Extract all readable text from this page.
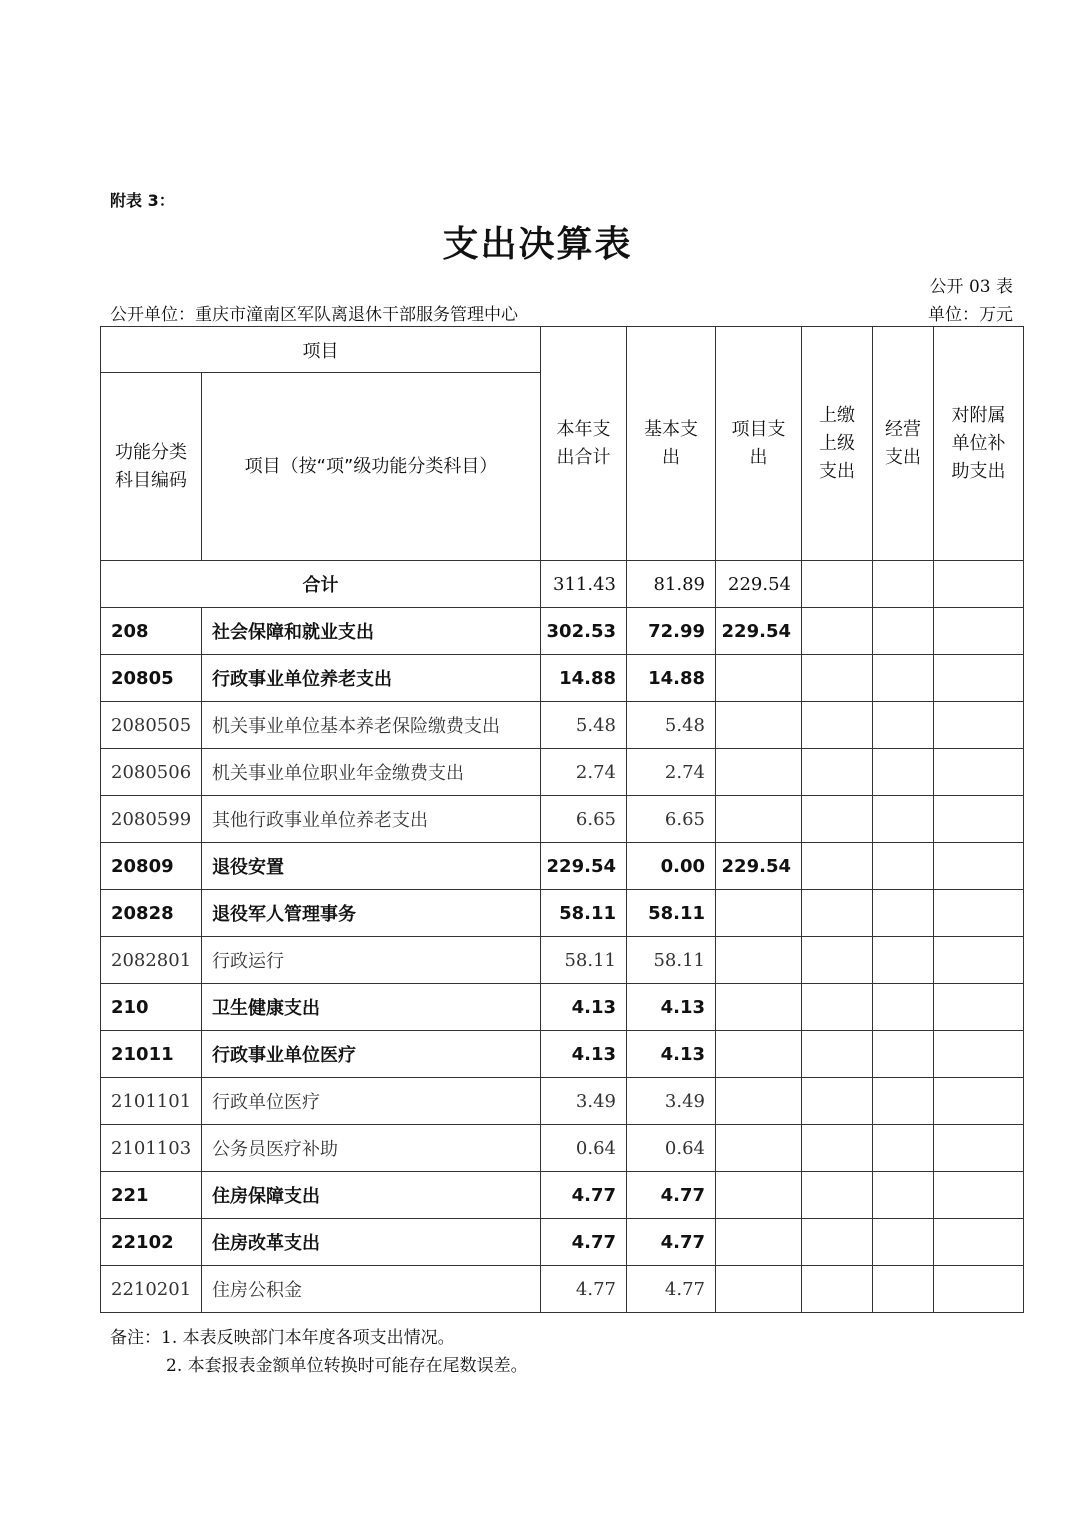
附表 3：
支出决算表
公开 03 表
公开单位：重庆市潼南区军队离退休干部服务管理中心	单位：万元
项目		本年支出合计	基本支出	项目支出	上缴上级支出	经营支出	对附属单位补助支出
功能分类科目编码	项目（按“项”级功能分类科目）						
合计		311.43	81.89	229.54			
208	社会保障和就业支出	302.53	72.99	229.54			
20805	行政事业单位养老支出	14.88	14.88				
2080505	机关事业单位基本养老保险缴费支出	5.48	5.48				
2080506	机关事业单位职业年金缴费支出	2.74	2.74				
2080599	其他行政事业单位养老支出	6.65	6.65				
20809	退役安置	229.54	0.00	229.54			
20828	退役军人管理事务	58.11	58.11				
2082801	行政运行	58.11	58.11				
210	卫生健康支出	4.13	4.13				
21011	行政事业单位医疗	4.13	4.13				
2101101	行政单位医疗	3.49	3.49				
2101103	公务员医疗补助	0.64	0.64				
221	住房保障支出	4.77	4.77				
22102	住房改革支出	4.77	4.77				
2210201	住房公积金	4.77	4.77				
备注：1. 本表反映部门本年度各项支出情况。
2. 本套报表金额单位转换时可能存在尾数误差。
